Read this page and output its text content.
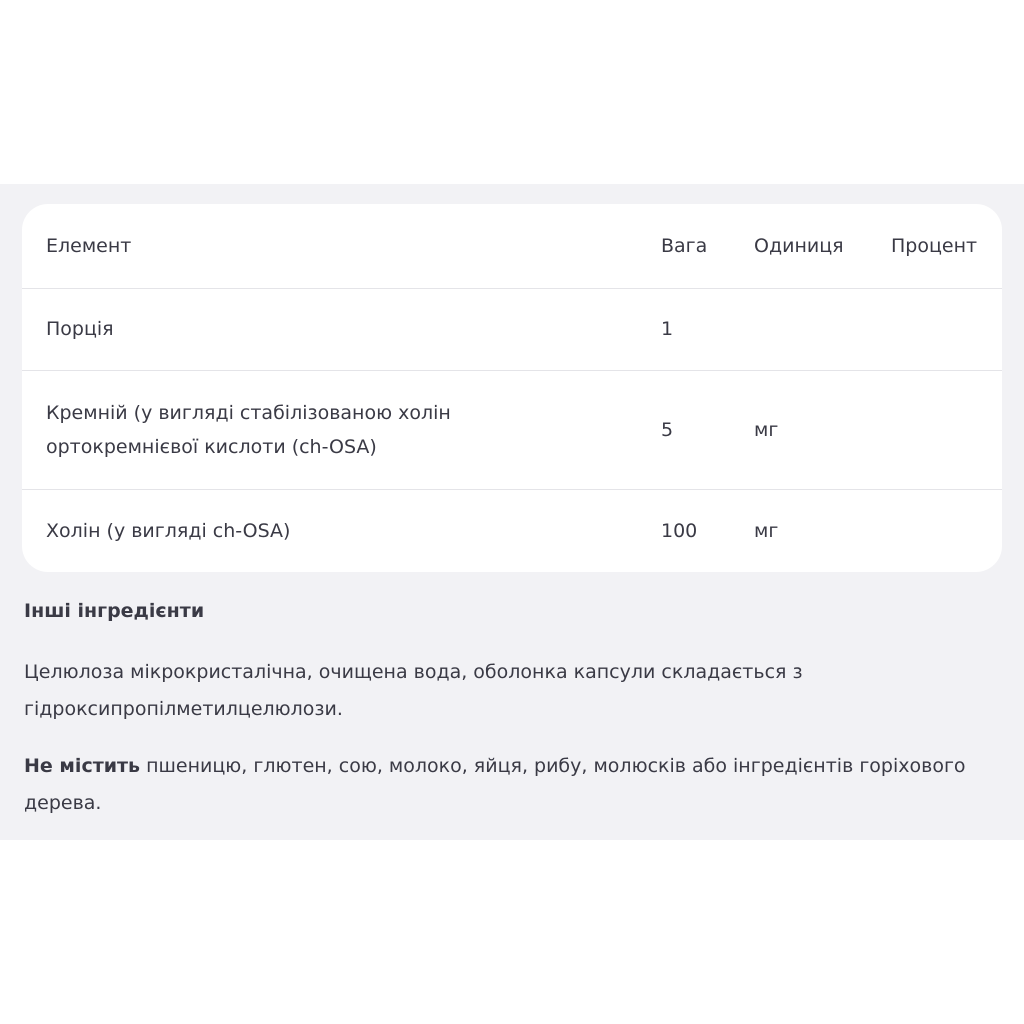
Елемент	Вага	Одиниця	Процент

Порція	1		

Кремній (у вигляді стабілізованою холін
ортокремнієвої кислоти (ch-OSA)	5	мг	

Холін (у вигляді ch-OSA)	100	мг	
Інші інгредієнти

Целюлоза мікрокристалічна, очищена вода, оболонка капсули складається з
гідроксипропілметилцелюлози.

Не містить пшеницю, глютен, сою, молоко, яйця, рибу, молюсків або інгредієнтів горіхового
дерева.
